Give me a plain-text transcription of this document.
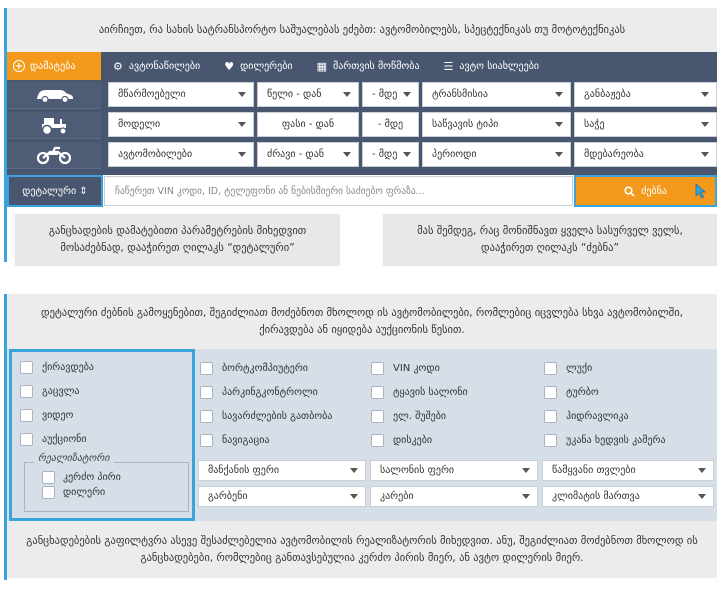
აირჩიეთ, რა სახის სატრანსპორტო საშუალებას ეძებთ: ავტომობილებს, სპეცტექნიკას თუ მოტოტექნიკას
+ დამატება	⚙ ავტონაწილები ♥ დილერები ▦ მართვის მოწმობა ☰ ავტო სიახლეები
მწარმოებელი	წელი - დან	- მდე	ტრანსმისია	განბაჟება
მოდელი	ფასი - დან	- მდე	საწვავის ტიპი	საჭე
ავტომობილები	ძრავი - დან	- მდე	პერიოდი	მდებარეობა
დეტალური ⇕	ჩაწერეთ VIN კოდი, ID, ტელეფონი ან ნებისმიერი საძიებო ფრაზა...	ძებნა
განცხადების დამატებითი პარამეტრების მიხედვით მოსაძებნად, დააჭირეთ ღილაკს “დეტალური”
მას შემდეგ, რაც მონიშნავთ ყველა სასურველ ველს, დააჭირეთ ღილაკს “ძებნა”
დეტალური ძებნის გამოყენებით, შეგიძლიათ მოძებნოთ მხოლოდ ის ავტომობილები, რომლებიც იცვლება სხვა ავტომობილში, ქირავდება ან იყიდება აუქციონის წესით.
ქირავდება
გაცვლა
ვიდეო
აუქციონი
რეალიზატორი
კერძო პირი
დილერი
ბორტკომპიუტერი
პარკინგკონტროლი
სავარძლების გათბობა
ნავიგაცია
VIN კოდი
ტყავის სალონი
ელ. შუშები
დისკები
ლუქი
ტურბო
ჰიდრავლიკა
უკანა ხედვის კამერა
მანქანის ფერი	სალონის ფერი	წამყვანი თვლები
გარბენი	კარები	კლიმატის მართვა
განცხადებების გაფილტვრა ასევე შესაძლებელია ავტომობილის რეალიზატორის მიხედვით. ანუ, შეგიძლიათ მოძებნოთ მხოლოდ ის განცხადებები, რომლებიც განთავსებულია კერძო პირის მიერ, ან ავტო დილერის მიერ.
